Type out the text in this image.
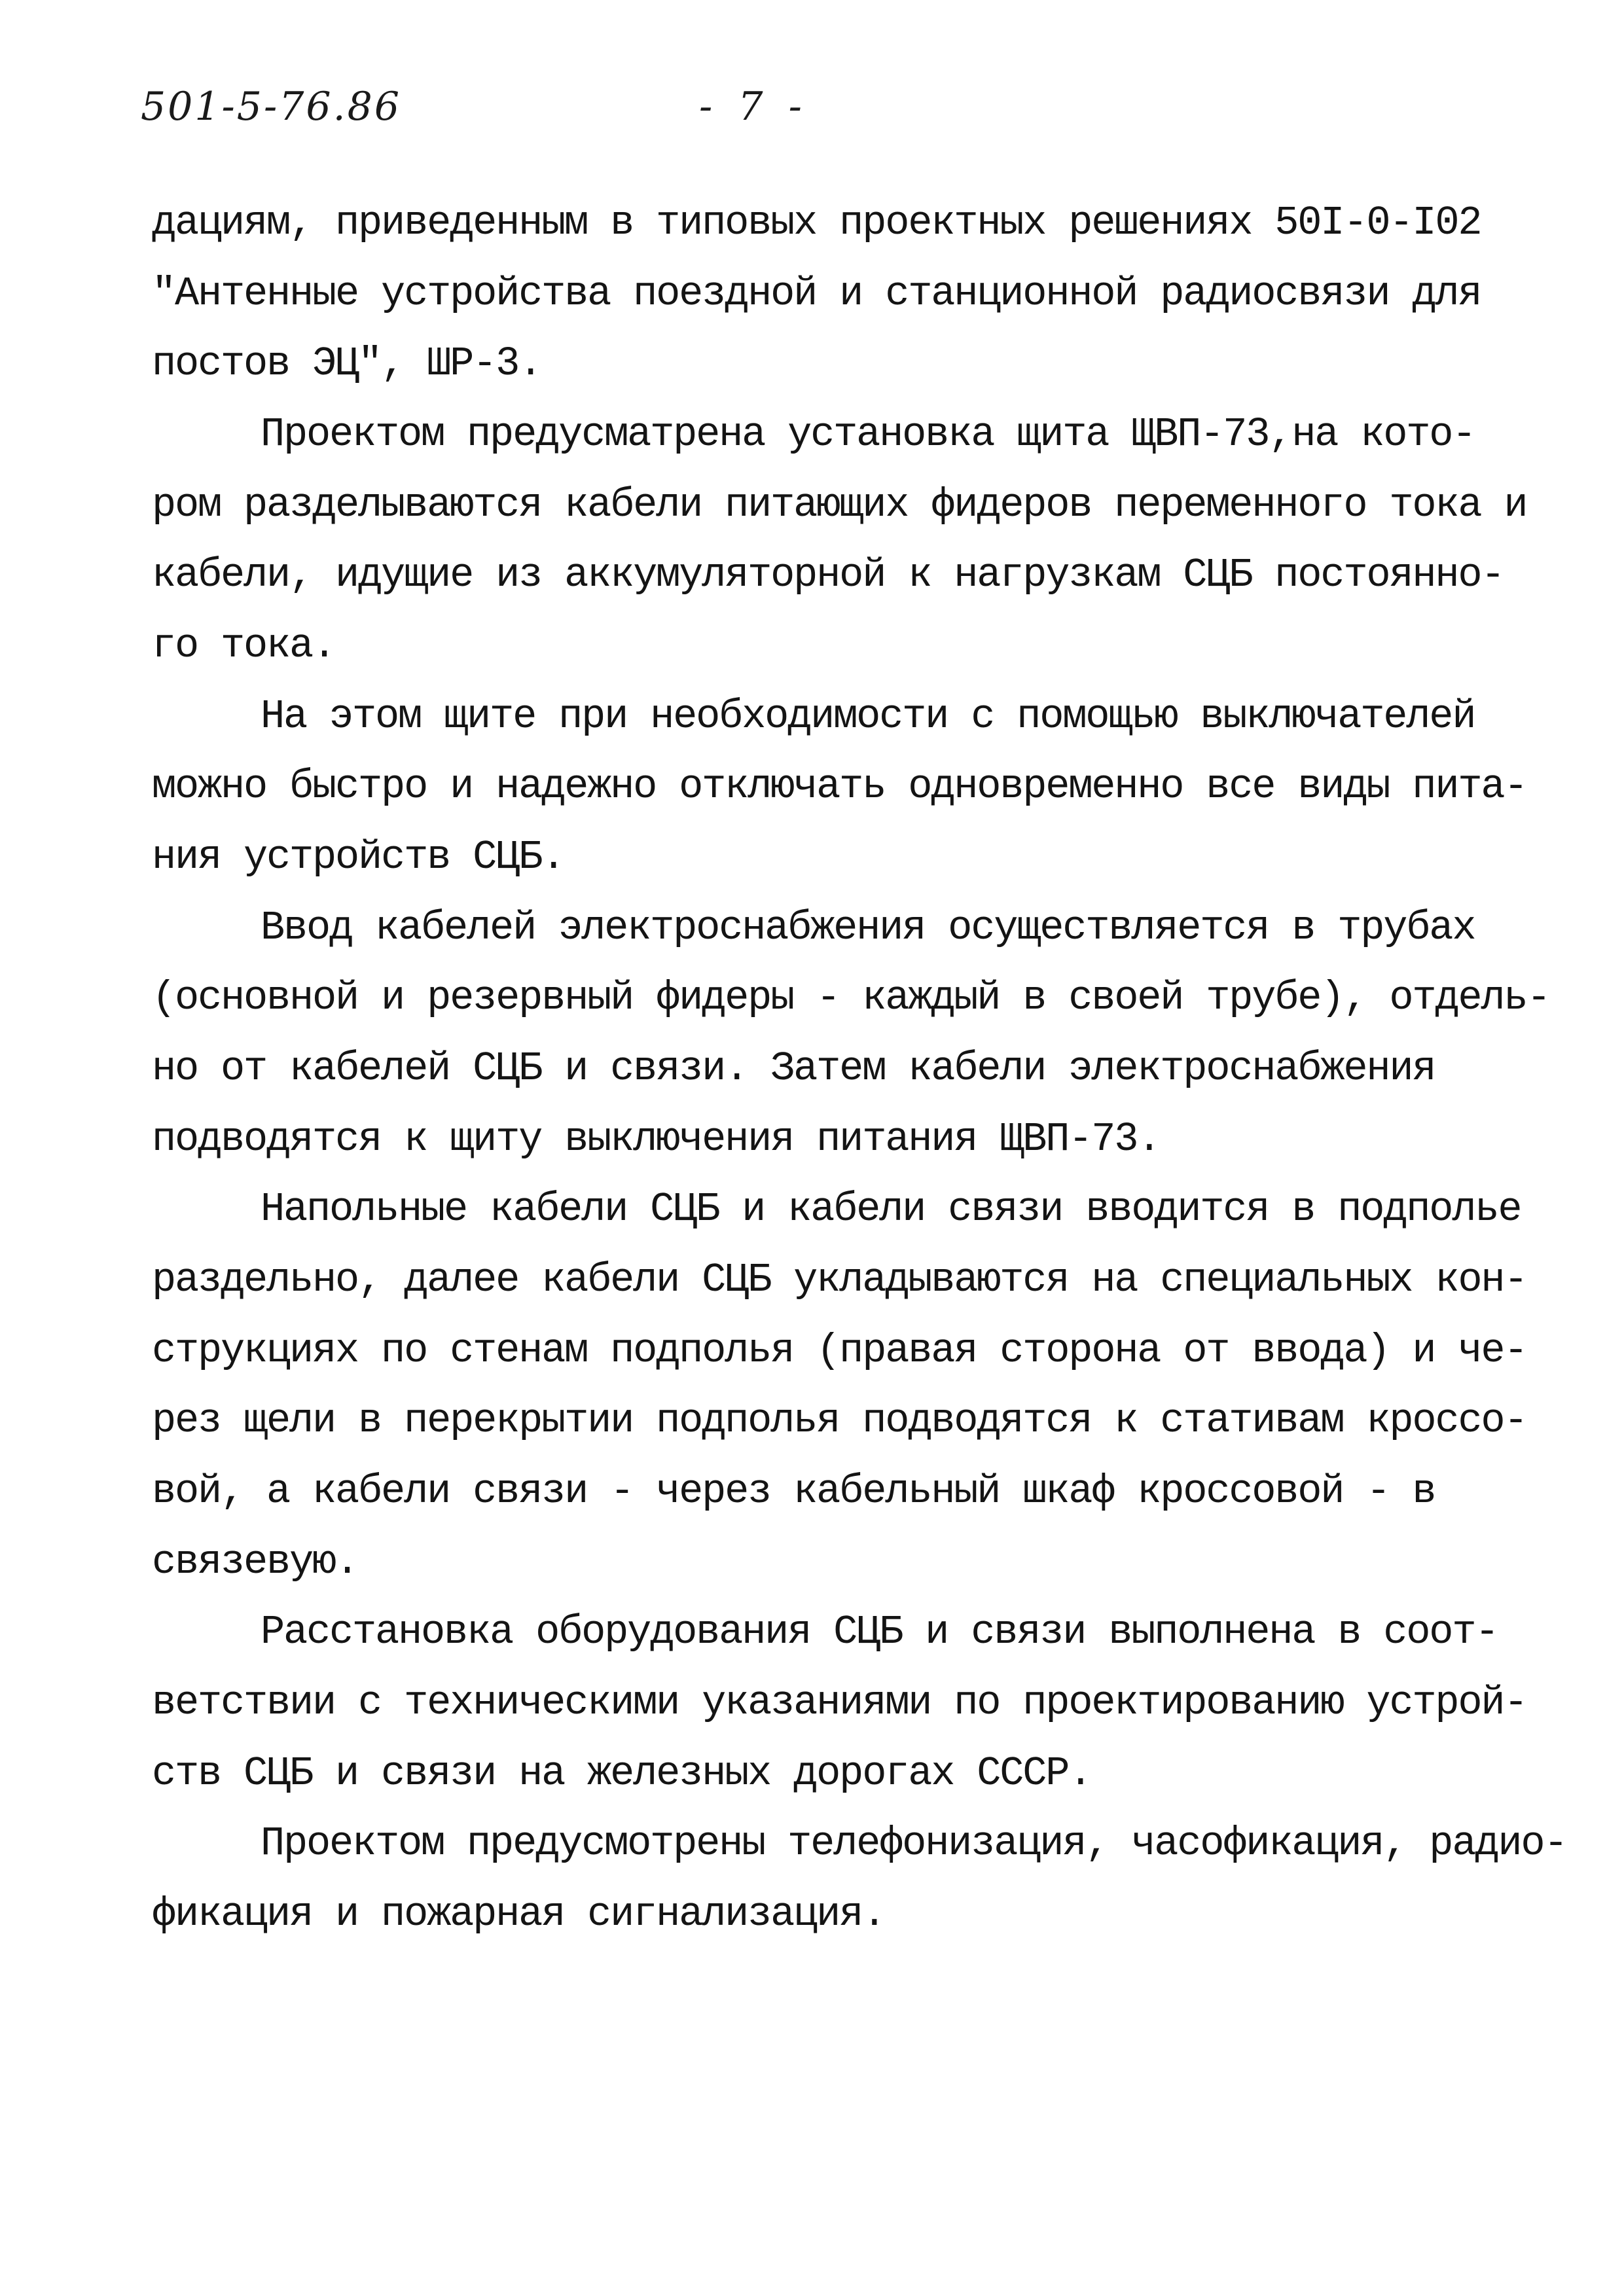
501-5-76.86	- 7 -
дациям, приведенным в типовых проектных решениях 50I-0-I02
"Антенные устройства поездной и станционной радиосвязи для
постов ЭЦ", ШР-3.
Проектом предусматрена установка щита ЩВП-73,на котo-
ром разделываются кабели питающих фидеров переменного тока и
кабели, идущие из аккумуляторной к нагрузкам СЦБ постоянно-
го тока.
На этом щите при необходимости с помощью выключателей
можно быстро и надежно отключать одновременно все виды пита-
ния устройств СЦБ.
Ввод кабелей электроснабжения осуществляется в трубах
(основной и резервный фидеры - каждый в своей трубе), отдель-
но от кабелей СЦБ и связи. Затем кабели электроснабжения
подводятся к щиту выключения питания ЩВП-73.
Напольные кабели СЦБ и кабели связи вводится в подполье
раздельно, далее кабели СЦБ укладываются на специальных кон-
струкциях по стенам подполья (правая сторона от ввода) и че-
рез щели в перекрытии подполья подводятся к стативам кроссо-
вой, а кабели связи - через кабельный шкаф кроссовой - в
связевую.
Расстановка оборудования СЦБ и связи выполнена в соот-
ветствии с техническими указаниями по проектированию устрой-
ств СЦБ и связи на железных дорогах СССР.
Проектом предусмотрены телефонизация, часофикация, радио-
фикация и пожарная сигнализация.
